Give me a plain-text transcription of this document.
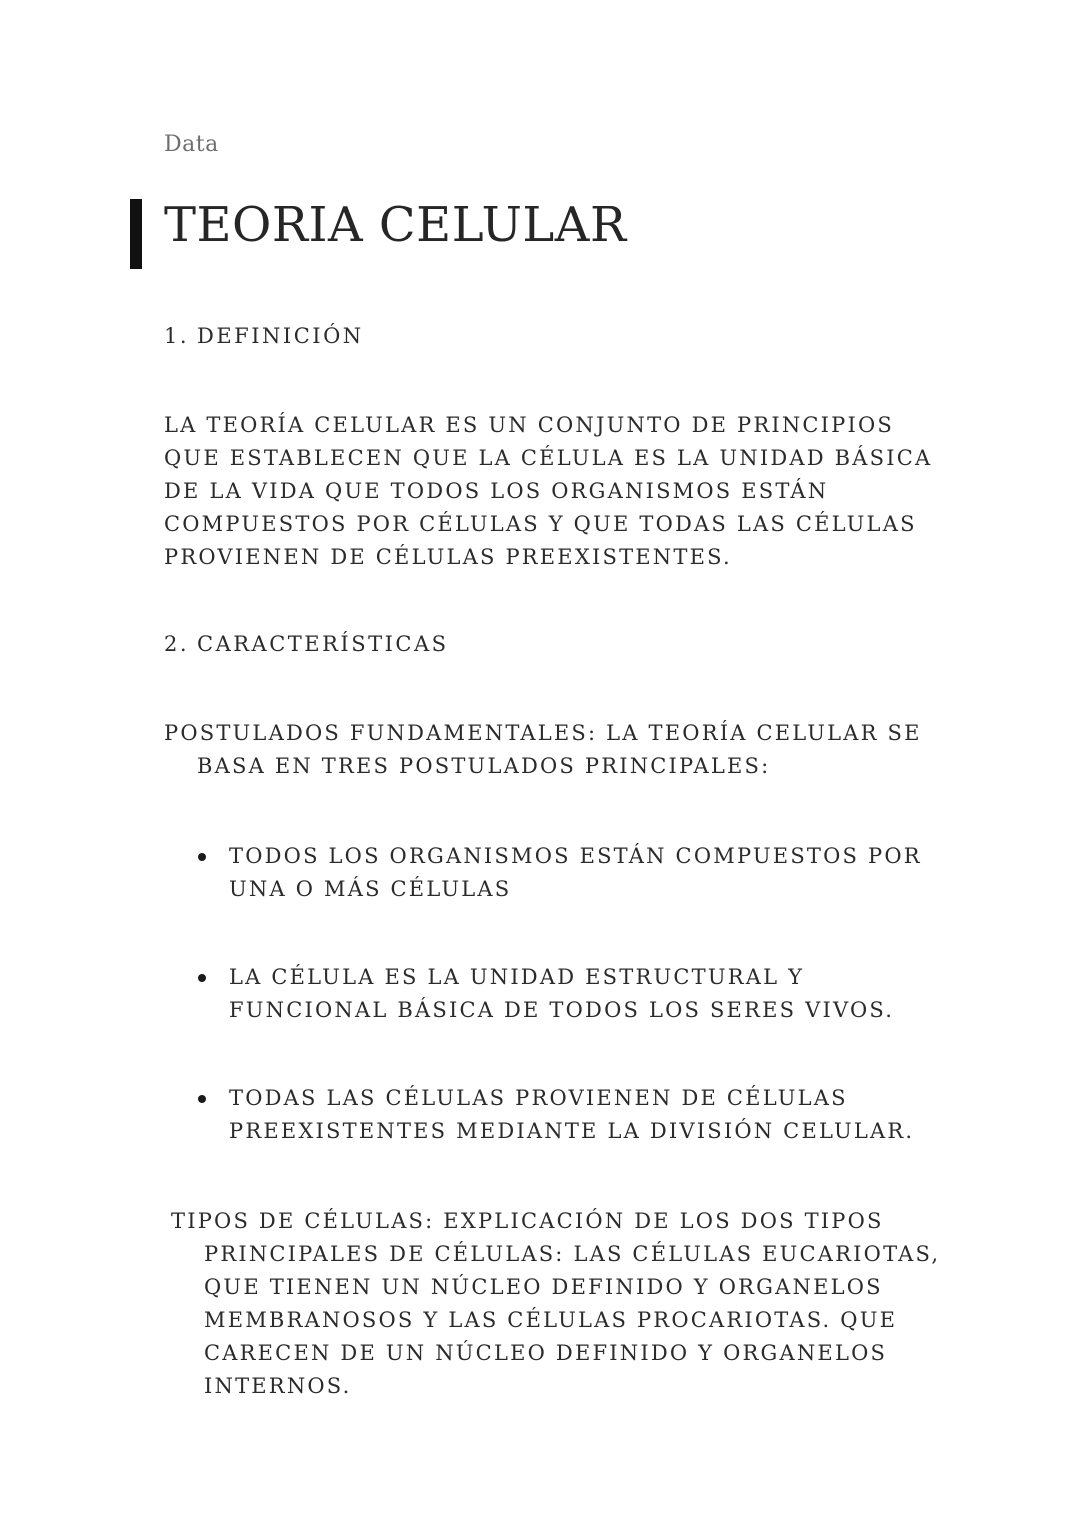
Data
TEORIA CELULAR
1. DEFINICIÓN
LA TEORÍA CELULAR ES UN CONJUNTO DE PRINCIPIOS QUE ESTABLECEN QUE LA CÉLULA ES LA UNIDAD BÁSICA DE LA VIDA QUE TODOS LOS ORGANISMOS ESTÁN COMPUESTOS POR CÉLULAS Y QUE TODAS LAS CÉLULAS PROVIENEN DE CÉLULAS PREEXISTENTES.
2. CARACTERÍSTICAS
POSTULADOS FUNDAMENTALES: LA TEORÍA CELULAR SE BASA EN TRES POSTULADOS PRINCIPALES:
TODOS LOS ORGANISMOS ESTÁN COMPUESTOS POR UNA O MÁS CÉLULAS
LA CÉLULA ES LA UNIDAD ESTRUCTURAL Y FUNCIONAL BÁSICA DE TODOS LOS SERES VIVOS.
TODAS LAS CÉLULAS PROVIENEN DE CÉLULAS PREEXISTENTES MEDIANTE LA DIVISIÓN CELULAR.
TIPOS DE CÉLULAS: EXPLICACIÓN DE LOS DOS TIPOS PRINCIPALES DE CÉLULAS: LAS CÉLULAS EUCARIOTAS, QUE TIENEN UN NÚCLEO DEFINIDO Y ORGANELOS MEMBRANOSOS Y LAS CÉLULAS PROCARIOTAS. QUE CARECEN DE UN NÚCLEO DEFINIDO Y ORGANELOS INTERNOS.
